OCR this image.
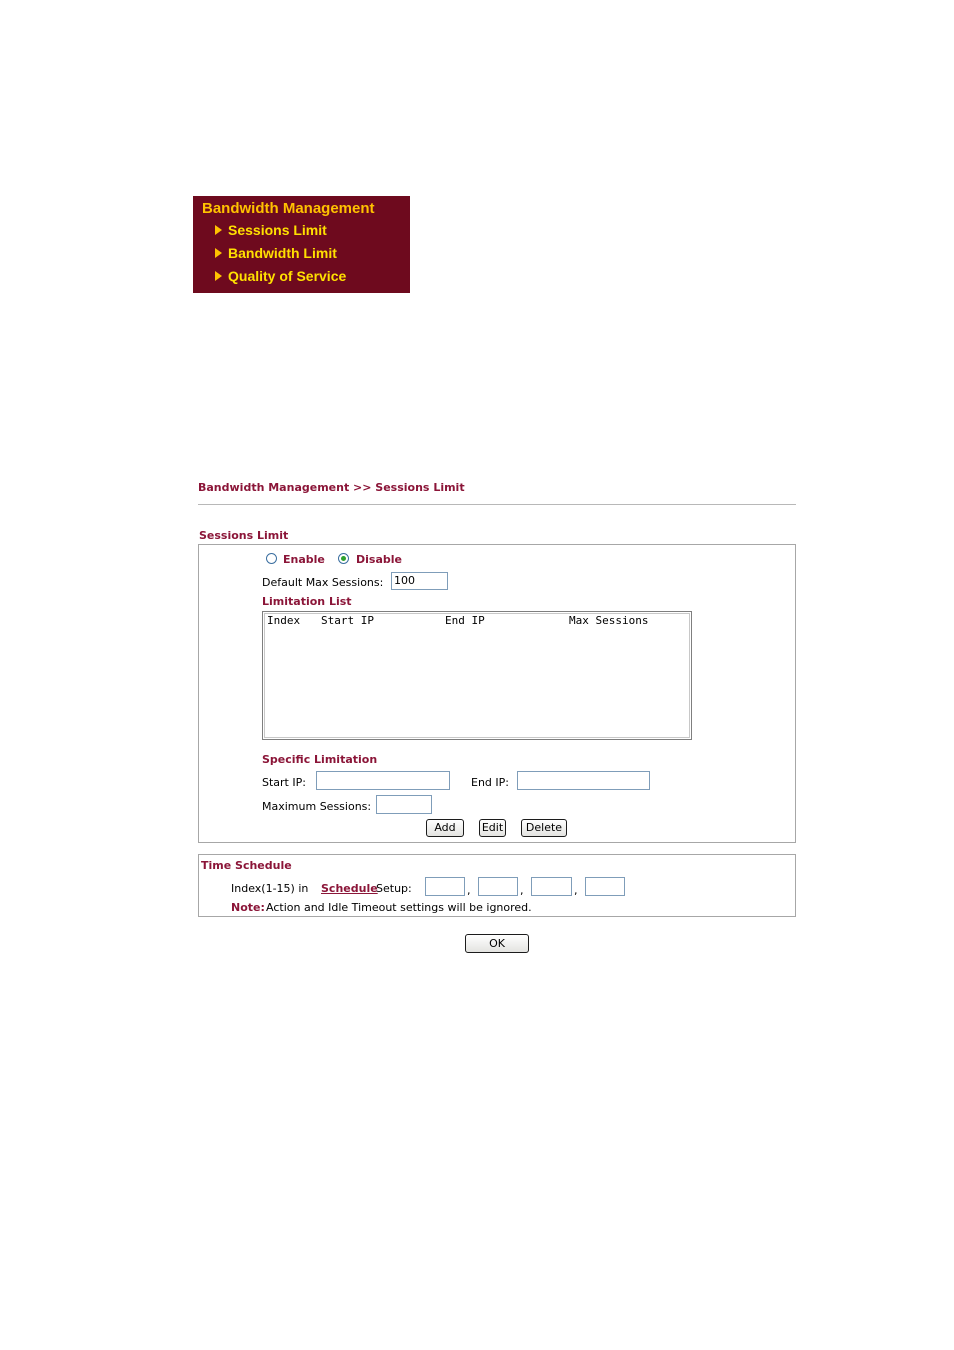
Bandwidth Management
Sessions Limit
Bandwidth Limit
Quality of Service
Bandwidth Management >> Sessions Limit
Sessions Limit
Enable	Disable
Default Max Sessions: 100
Limitation List
Index Start IP	End IP	Max Sessions
Specific Limitation
Start IP:	End IP:
Maximum Sessions:
Add	Edit	Delete
Time Schedule
Index(1-15) in Schedule
Setup:	,	,	,
Note: Action and Idle Timeout settings will be ignored.
OK
